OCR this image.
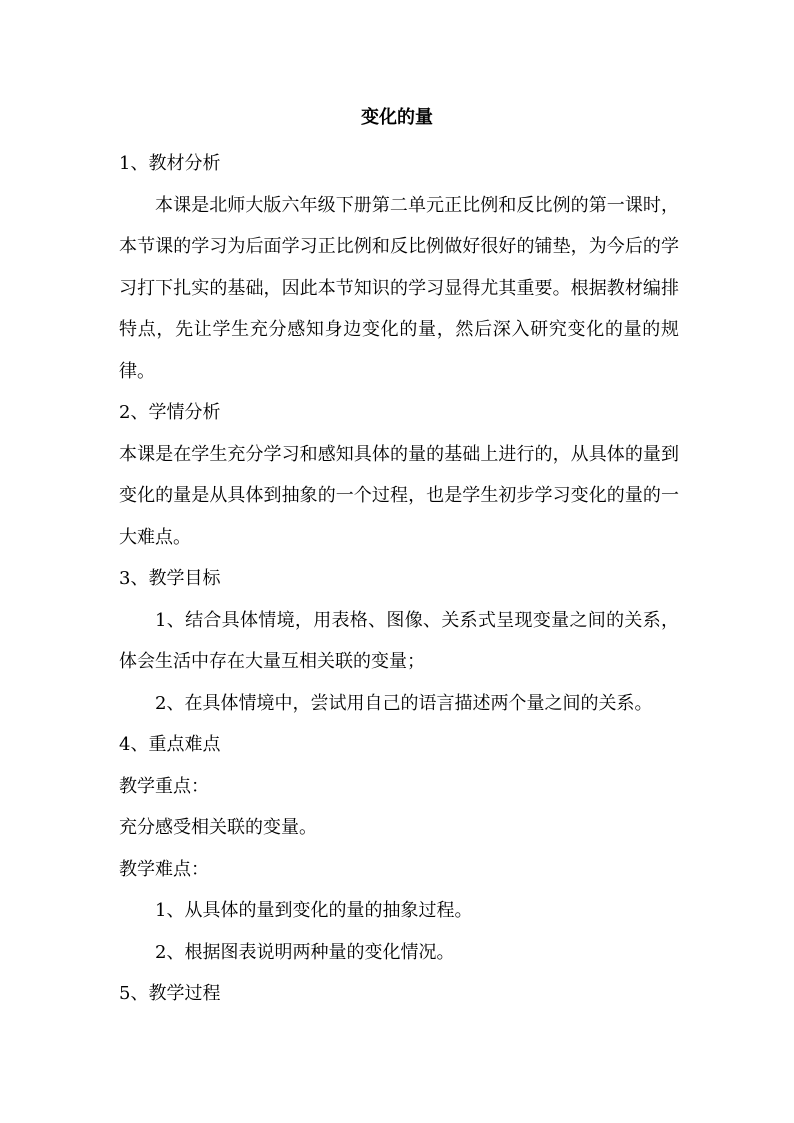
变化的量

1、教材分析

本课是北师大版六年级下册第二单元正比例和反比例的第一课时，本节课的学习为后面学习正比例和反比例做好很好的铺垫，为今后的学习打下扎实的基础，因此本节知识的学习显得尤其重要。根据教材编排特点，先让学生充分感知身边变化的量，然后深入研究变化的量的规律。

2、学情分析

本课是在学生充分学习和感知具体的量的基础上进行的，从具体的量到变化的量是从具体到抽象的一个过程，也是学生初步学习变化的量的一大难点。

3、教学目标

1、结合具体情境，用表格、图像、关系式呈现变量之间的关系，体会生活中存在大量互相关联的变量；

2、在具体情境中，尝试用自己的语言描述两个量之间的关系。

4、重点难点

教学重点：

充分感受相关联的变量。

教学难点：

1、从具体的量到变化的量的抽象过程。

2、根据图表说明两种量的变化情况。

5、教学过程
